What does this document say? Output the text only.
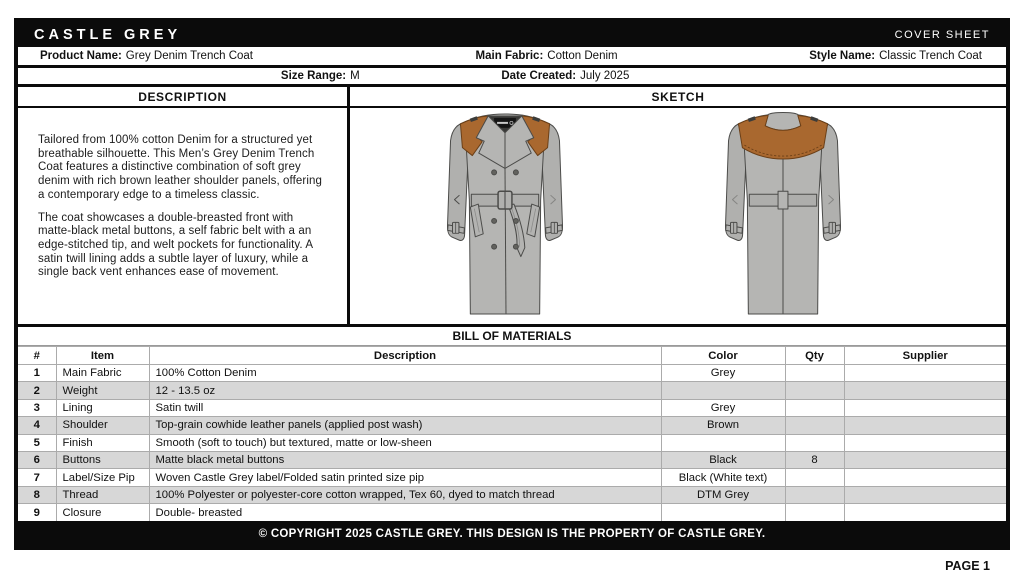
CASTLE GREY	COVER SHEET
Product Name: Grey Denim Trench Coat	Main Fabric: Cotton Denim	Style Name: Classic Trench Coat
Size Range: M	Date Created: July 2025
DESCRIPTION

Tailored from 100% cotton Denim for a structured yet breathable silhouette. This Men’s Grey Denim Trench Coat features a distinctive combination of soft grey denim with rich brown leather shoulder panels, offering a contemporary edge to a timeless classic.

The coat showcases a double-breasted front with matte-black metal buttons, a self fabric belt with a an edge-stitched tip, and welt pockets for functionality. A satin twill lining adds a subtle layer of luxury, while a single back vent enhances ease of movement.

SKETCH
BILL OF MATERIALS
#	Item	Description	Color	Qty	Supplier
1	Main Fabric	100% Cotton Denim	Grey		
2	Weight	12 - 13.5 oz			
3	Lining	Satin twill	Grey		
4	Shoulder	Top-grain cowhide leather panels (applied post wash)	Brown		
5	Finish	Smooth (soft to touch) but textured, matte or low-sheen			
6	Buttons	Matte black metal buttons	Black	8	
7	Label/Size Pip	Woven Castle Grey label/Folded satin printed size pip	Black (White text)		
8	Thread	100% Polyester or polyester-core cotton wrapped, Tex 60, dyed to match thread	DTM Grey		
9	Closure	Double- breasted			
© COPYRIGHT 2025 CASTLE GREY. THIS DESIGN IS THE PROPERTY OF CASTLE GREY.
PAGE 1
